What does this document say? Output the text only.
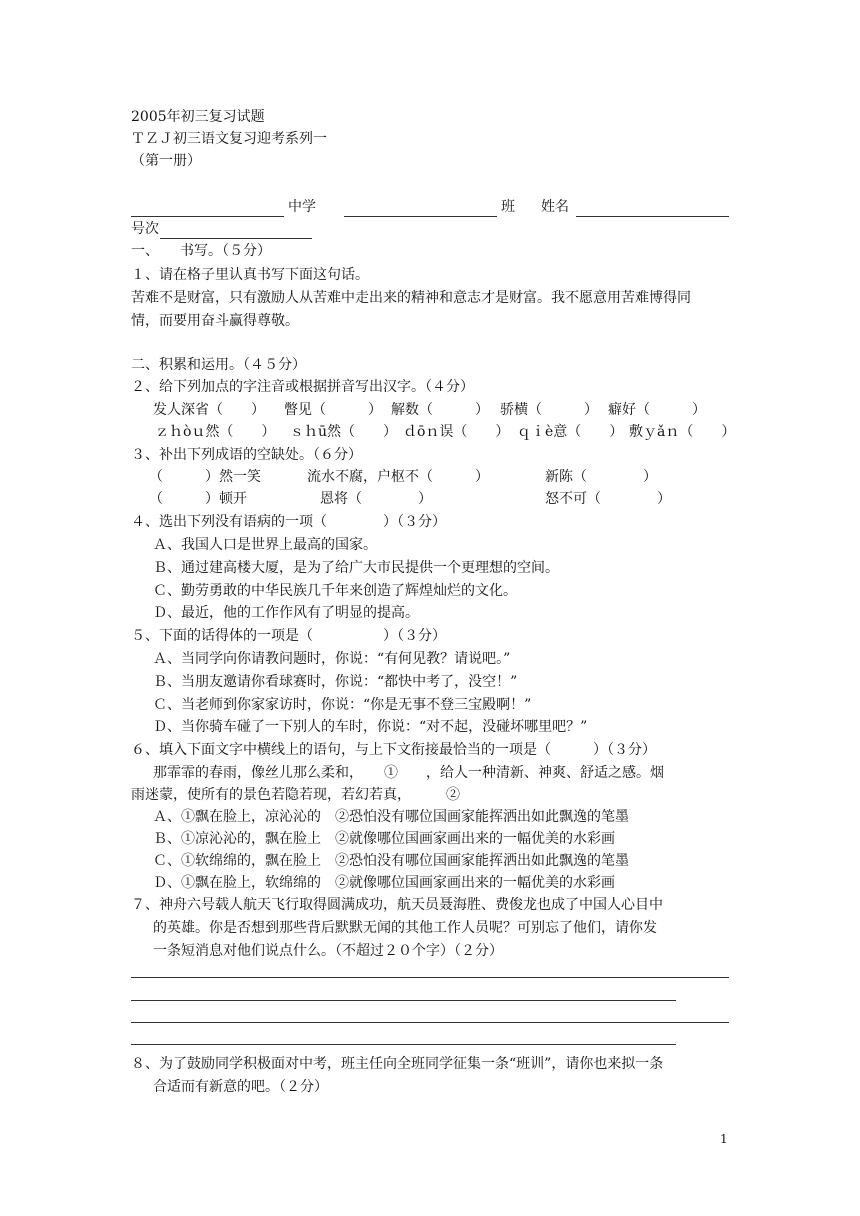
2005年初三复习试题
ＴＺＪ初三语文复习迎考系列一
（第一册）
中学	班 姓名
号次
一、　　书写。（５分）
１、请在格子里认真书写下面这句话。
苦难不是财富，只有激励人从苦难中走出来的精神和意志才是财富。我不愿意用苦难博得同
情，而要用奋斗赢得尊敬。
二、积累和运用。（４５分）
２、给下列加点的字注音或根据拼音写出汉字。（４分）
发人深省（　　） 瞥见（　　　） 解数（　　　） 骄横（　　　） 癖好（　　　）
ｚｈòｕ然（　　） ｓｈū然（　　） ｄōｎ误（　　） ｑｉè意（　　） 敷ｙǎｎ（　　）
３、补出下列成语的空缺处。（６分）
（　　　）然一笑	流水不腐，户枢不（　　　）	新陈（　　　　）
（　　　）顿开	恩将（　　　　）	怒不可（　　　　）
４、选出下列没有语病的一项（　　　　）（３分）
Ａ、我国人口是世界上最高的国家。
Ｂ、通过建高楼大厦，是为了给广大市民提供一个更理想的空间。
Ｃ、勤劳勇敢的中华民族几千年来创造了辉煌灿烂的文化。
Ｄ、最近，他的工作作风有了明显的提高。
５、下面的话得体的一项是（　　　　　）（３分）
Ａ、当同学向你请教问题时，你说：“有何见教？请说吧。”
Ｂ、当朋友邀请你看球赛时，你说：“都快中考了，没空！”
Ｃ、当老师到你家家访时，你说：“你是无事不登三宝殿啊！”
Ｄ、当你骑车碰了一下别人的车时，你说：“对不起，没碰坏哪里吧？”
６、填入下面文字中横线上的语句，与上下文衔接最恰当的一项是（　　　）（３分）
那霏霏的春雨，像丝儿那么柔和，　　①　　，给人一种清新、神爽、舒适之感。烟
雨迷蒙，使所有的景色若隐若现，若幻若真，　　　②
Ａ、①飘在脸上，凉沁沁的　②恐怕没有哪位国画家能挥洒出如此飘逸的笔墨
Ｂ、①凉沁沁的，飘在脸上　②就像哪位国画家画出来的一幅优美的水彩画
Ｃ、①软绵绵的，飘在脸上　②恐怕没有哪位国画家能挥洒出如此飘逸的笔墨
Ｄ、①飘在脸上，软绵绵的　②就像哪位国画家画出来的一幅优美的水彩画
７、神舟六号载人航天飞行取得圆满成功，航天员聂海胜、费俊龙也成了中国人心目中
的英雄。你是否想到那些背后默默无闻的其他工作人员呢？可别忘了他们，请你发
一条短消息对他们说点什么。（不超过２０个字）（２分）
８、为了鼓励同学积极面对中考，班主任向全班同学征集一条“班训”，请你也来拟一条
合适而有新意的吧。（２分）
1
